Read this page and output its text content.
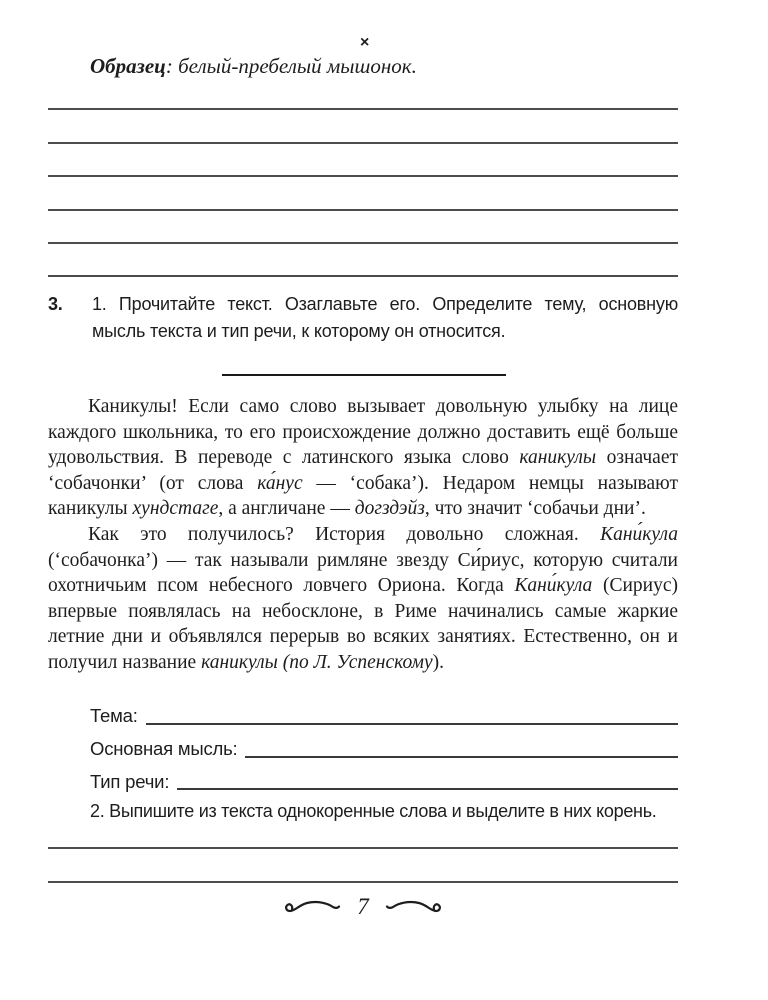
Образец: белый-пребелый
×
мышонок.
3.	1. Прочитайте текст. Озаглавьте его. Определите тему, основную мысль текста и тип речи, к которому он относится.

Каникулы! Если само слово вызывает довольную улыбку на лице каждого школьника, то его происхождение должно доставить ещё больше удовольствия. В переводе с латинского языка слово каникулы означает ‘собачонки’ (от слова ка́нус — ‘собака’). Недаром немцы называют каникулы хундстаге, а англичане — догздэйз, что значит ‘собачьи дни’.

Как это получилось? История довольно сложная. Кани́кула (‘собачонка’) — так называли римляне звезду Си́риус, которую считали охотничьим псом небесного ловчего Ориона. Когда Кани́кула (Сириус) впервые появлялась на небосклоне, в Риме начинались самые жаркие летние дни и объявлялся перерыв во всяких занятиях. Естественно, он и получил название каникулы (по Л. Успенскому).

Тема:
Основная мысль:
Тип речи:

2. Выпишите из текста однокоренные слова и выделите в них корень.

7
